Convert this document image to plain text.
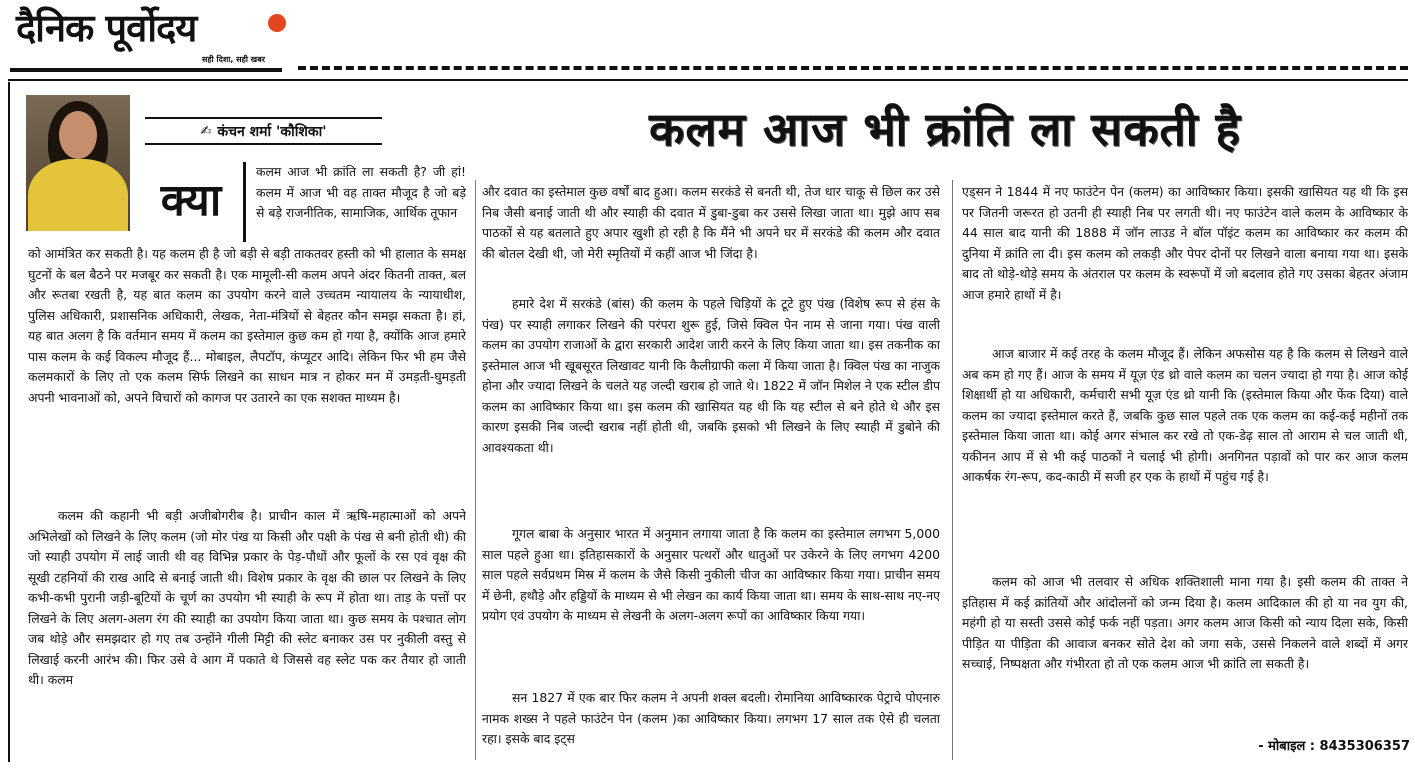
दैनिक पूर्वोदय
सही दिशा, सही खबर
✍ कंचन शर्मा 'कौशिका'	कलम आज भी क्रांति ला सकती है
क्या

कलम आज भी क्रांति ला सकती है? जी हां! कलम में आज भी वह ताक्त मौजूद है जो बड़े से बड़े राजनीतिक, सामाजिक, आर्थिक तूफान

को आमंत्रित कर सकती है। यह कलम ही है जो बड़ी से बड़ी ताकतवर हस्ती को भी हालात के समक्ष घुटनों के बल बैठने पर मजबूर कर सकती है। एक मामूली-सी कलम अपने अंदर कितनी ताक्त, बल और रूतबा रखती है, यह बात कलम का उपयोग करने वाले उच्चतम न्यायालय के न्यायाधीश, पुलिस अधिकारी, प्रशासनिक अधिकारी, लेखक, नेता-मंत्रियों से बेहतर कौन समझ सकता है। हां, यह बात अलग है कि वर्तमान समय में कलम का इस्तेमाल कुछ कम हो गया है, क्योंकि आज हमारे पास कलम के कई विकल्प मौजूद हैं... मोबाइल, लैपटॉप, कंप्यूटर आदि। लेकिन फिर भी हम जैसे कलमकारों के लिए तो एक कलम सिर्फ लिखने का साधन मात्र न होकर मन में उमड़ती-घुमड़ती अपनी भावनाओं को, अपने विचारों को कागज पर उतारने का एक सशक्त माध्यम है।

कलम की कहानी भी बड़ी अजीबोगरीब है। प्राचीन काल में ऋषि-महात्माओं को अपने अभिलेखों को लिखने के लिए कलम (जो मोर पंख या किसी और पक्षी के पंख से बनी होती थी) की जो स्याही उपयोग में लाई जाती थी वह विभिन्न प्रकार के पेड़-पौधों और फूलों के रस एवं वृक्ष की सूखी टहनियों की राख आदि से बनाई जाती थी। विशेष प्रकार के वृक्ष की छाल पर लिखने के लिए कभी-कभी पुरानी जड़ी-बूटियों के चूर्ण का उपयोग भी स्याही के रूप में होता था। ताड़ के पत्तों पर लिखने के लिए अलग-अलग रंग की स्याही का उपयोग किया जाता था। कुछ समय के पश्चात लोग जब थोड़े और समझदार हो गए तब उन्होंने गीली मिट्टी की स्लेट बनाकर उस पर नुकीली वस्तु से लिखाई करनी आरंभ की। फिर उसे वे आग में पकाते थे जिससे वह स्लेट पक कर तैयार हो जाती थी। कलम

और दवात का इस्तेमाल कुछ वर्षों बाद हुआ। कलम सरकंडे से बनती थी, तेज धार चाकू से छिल कर उसे निब जैसी बनाई जाती थी और स्याही की दवात में डुबा-डुबा कर उससे लिखा जाता था। मुझे आप सब पाठकों से यह बतलाते हुए अपार खुशी हो रही है कि मैंने भी अपने घर में सरकंडे की कलम और दवात की बोतल देखी थी, जो मेरी स्मृतियों में कहीं आज भी जिंदा है।

हमारे देश में सरकंडे (बांस) की कलम के पहले चिड़ियों के टूटे हुए पंख (विशेष रूप से हंस के पंख) पर स्याही लगाकर लिखने की परंपरा शुरू हुई, जिसे क्विल पेन नाम से जाना गया। पंख वाली कलम का उपयोग राजाओं के द्वारा सरकारी आदेश जारी करने के लिए किया जाता था। इस तकनीक का इस्तेमाल आज भी खूबसूरत लिखावट यानी कि कैलीग्राफी कला में किया जाता है। क्विल पंख का नाजुक होना और ज्यादा लिखने के चलते यह जल्दी खराब हो जाते थे। 1822 में जॉन मिशेल ने एक स्टील डीप कलम का आविष्कार किया था। इस कलम की खासियत यह थी कि यह स्टील से बने होते थे और इस कारण इसकी निब जल्दी खराब नहीं होती थी, जबकि इसको भी लिखने के लिए स्याही में डुबोने की आवश्यकता थी।

गूगल बाबा के अनुसार भारत में अनुमान लगाया जाता है कि कलम का इस्तेमाल लगभग 5,000 साल पहले हुआ था। इतिहासकारों के अनुसार पत्थरों और धातुओं पर उकेरने के लिए लगभग 4200 साल पहले सर्वप्रथम मिस्र में कलम के जैसे किसी नुकीली चीज का आविष्कार किया गया। प्राचीन समय में छेनी, हथौड़े और हड्डियों के माध्यम से भी लेखन का कार्य किया जाता था। समय के साथ-साथ नए-नए प्रयोग एवं उपयोग के माध्यम से लेखनी के अलग-अलग रूपों का आविष्कार किया गया।

सन 1827 में एक बार फिर कलम ने अपनी शक्ल बदली। रोमानिया आविष्कारक पेट्राचे पोएनारु नामक शख्स ने पहले फाउंटेन पेन (कलम )का आविष्कार किया। लगभग 17 साल तक ऐसे ही चलता रहा। इसके बाद इट्स

एड्सन ने 1844 में नए फाउंटेन पेन (कलम) का आविष्कार किया। इसकी खासियत यह थी कि इस पर जितनी जरूरत हो उतनी ही स्याही निब पर लगती थी। नए फाउंटेन वाले कलम के आविष्कार के 44 साल बाद यानी की 1888 में जॉन लाउड ने बॉल पॉइंट कलम का आविष्कार कर कलम की दुनिया में क्रांति ला दी। इस कलम को लकड़ी और पेपर दोनों पर लिखने वाला बनाया गया था। इसके बाद तो थोड़े-थोड़े समय के अंतराल पर कलम के स्वरूपों में जो बदलाव होते गए उसका बेहतर अंजाम आज हमारे हाथों में है।

आज बाजार में कई तरह के कलम मौजूद हैं। लेकिन अफसोस यह है कि कलम से लिखने वाले अब कम हो गए हैं। आज के समय में यूज़ एंड थ्रो वाले कलम का चलन ज्यादा हो गया है। आज कोई शिक्षार्थी हो या अधिकारी, कर्मचारी सभी यूज़ एंड थ्रो यानी कि (इस्तेमाल किया और फेंक दिया) वाले कलम का ज्यादा इस्तेमाल करते हैं, जबकि कुछ साल पहले तक एक कलम का कई-कई महीनों तक इस्तेमाल किया जाता था। कोई अगर संभाल कर रखे तो एक-डेढ़ साल तो आराम से चल जाती थी, यकीनन आप में से भी कई पाठकों ने चलाई भी होगी। अनगिनत पड़ावों को पार कर आज कलम आकर्षक रंग-रूप, कद-काठी में सजी हर एक के हाथों में पहुंच गई है।

कलम को आज भी तलवार से अधिक शक्तिशाली माना गया है। इसी कलम की ताक्त ने इतिहास में कई क्रांतियों और आंदोलनों को जन्म दिया है। कलम आदिकाल की हो या नव युग की, महंगी हो या सस्ती उससे कोई फर्क नहीं पड़ता। अगर कलम आज किसी को न्याय दिला सके, किसी पीड़ित या पीड़िता की आवाज बनकर सोते देश को जगा सके, उससे निकलने वाले शब्दों में अगर सच्चाई, निष्पक्षता और गंभीरता हो तो एक कलम आज भी क्रांति ला सकती है।

- मोबाइल : 8435306357
